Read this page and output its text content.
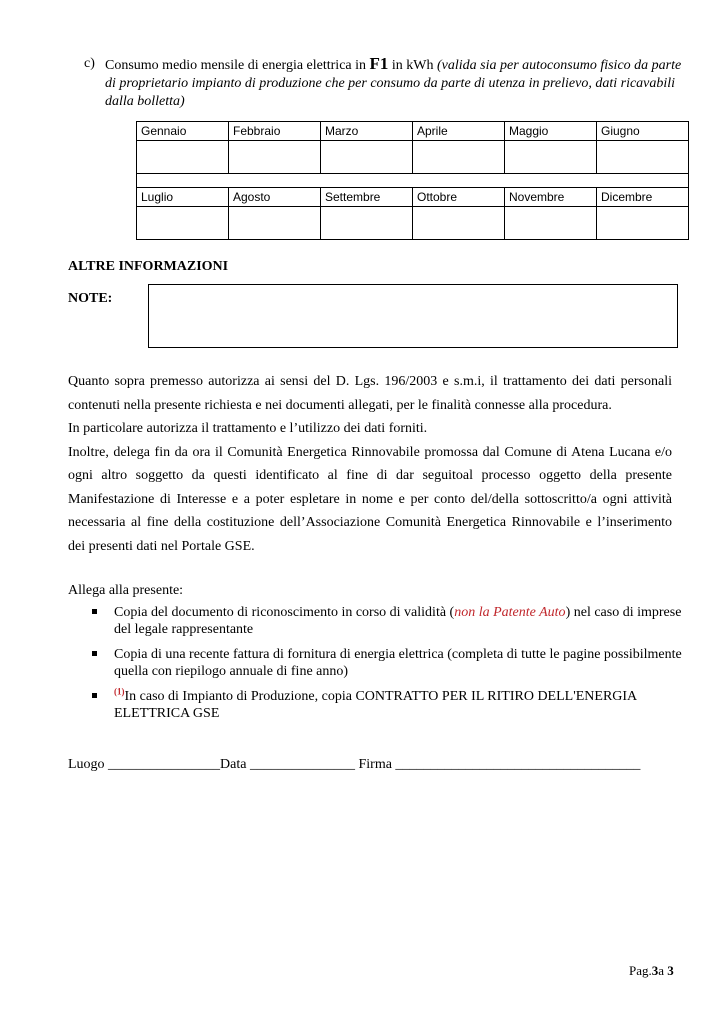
c) Consumo medio mensile di energia elettrica in F1 in kWh (valida sia per autoconsumo fisico da parte di proprietario impianto di produzione che per consumo da parte di utenza in prelievo, dati ricavabili dalla bolletta)
Gennaio	Febbraio	Marzo	Aprile	Maggio	Giugno

Luglio	Agosto	Settembre	Ottobre	Novembre	Dicembre

ALTRE INFORMAZIONI
NOTE:

Quanto sopra premesso autorizza ai sensi del D. Lgs. 196/2003 e s.m.i, il trattamento dei dati personali contenuti nella presente richiesta e nei documenti allegati, per le finalità connesse alla procedura.

In particolare autorizza il trattamento e l’utilizzo dei dati forniti.

Inoltre, delega fin da ora il Comunità Energetica Rinnovabile promossa dal Comune di Atena Lucana e/o ogni altro soggetto da questi identificato al fine di dar seguitoal processo oggetto della presente Manifestazione di Interesse e a poter espletare in nome e per conto del/della sottoscritto/a ogni attività necessaria al fine della costituzione dell’Associazione Comunità Energetica Rinnovabile e l’inserimento dei presenti dati nel Portale GSE.

Allega alla presente:
Copia del documento di riconoscimento in corso di validità (non la Patente Auto) nel caso di imprese del legale rappresentante
Copia di una recente fattura di fornitura di energia elettrica (completa di tutte le pagine possibilmente quella con riepilogo annuale di fine anno)
$^{(1)}$In caso di Impianto di Produzione, copia CONTRATTO PER IL RITIRO DELL'ENERGIA ELETTRICA GSE
Luogo ________________Data _______________ Firma ___________________________________
Pag.3a 3
